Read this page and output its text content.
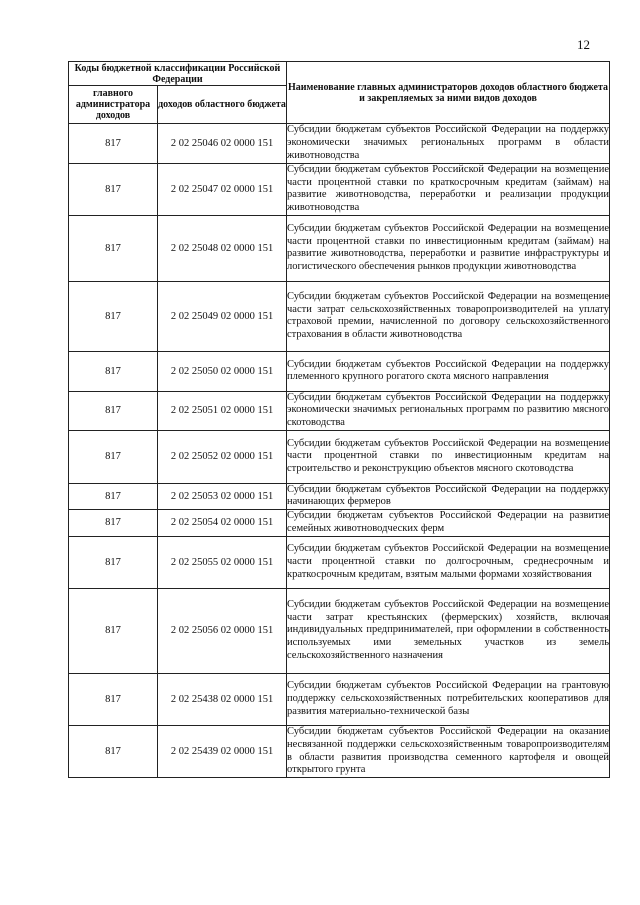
12
Коды бюджетной классификации Российской Федерации		Наименование главных администраторов доходов областного бюджета и закрепляемых за ними видов доходов
главного администратора доходов	доходов областного бюджета	
817	2 02 25046 02 0000 151	Субсидии бюджетам субъектов Российской Федерации на поддержку экономически значимых региональных программ в области животноводства
817	2 02 25047 02 0000 151	Субсидии бюджетам субъектов Российской Федерации на возмещение части процентной ставки по краткосрочным кредитам (займам) на развитие животноводства, переработки и реализации продукции животноводства
817	2 02 25048 02 0000 151	Субсидии бюджетам субъектов Российской Федерации на возмещение части процентной ставки по инвестиционным кредитам (займам) на развитие животноводства, переработки и развитие инфраструктуры и логистического обеспечения рынков продукции животноводства
817	2 02 25049 02 0000 151	Субсидии бюджетам субъектов Российской Федерации на возмещение части затрат сельскохозяйственных товаропроизводителей на уплату страховой премии, начисленной по договору сельскохозяйственного страхования в области животноводства
817	2 02 25050 02 0000 151	Субсидии бюджетам субъектов Российской Федерации на поддержку племенного крупного рогатого скота мясного направления
817	2 02 25051 02 0000 151	Субсидии бюджетам субъектов Российской Федерации на поддержку экономически значимых региональных программ по развитию мясного скотоводства
817	2 02 25052 02 0000 151	Субсидии бюджетам субъектов Российской Федерации на возмещение части процентной ставки по инвестиционным кредитам на строительство и реконструкцию объектов мясного скотоводства
817	2 02 25053 02 0000 151	Субсидии бюджетам субъектов Российской Федерации на поддержку начинающих фермеров
817	2 02 25054 02 0000 151	Субсидии бюджетам субъектов Российской Федерации на развитие семейных животноводческих ферм
817	2 02 25055 02 0000 151	Субсидии бюджетам субъектов Российской Федерации на возмещение части процентной ставки по долгосрочным, среднесрочным и краткосрочным кредитам, взятым малыми формами хозяйствования
817	2 02 25056 02 0000 151	Субсидии бюджетам субъектов Российской Федерации на возмещение части затрат крестьянских (фермерских) хозяйств, включая индивидуальных предпринимателей, при оформлении в собственность используемых ими земельных участков из земель сельскохозяйственного назначения
817	2 02 25438 02 0000 151	Субсидии бюджетам субъектов Российской Федерации на грантовую поддержку сельскохозяйственных потребительских кооперативов для развития материально-технической базы
817	2 02 25439 02 0000 151	Субсидии бюджетам субъектов Российской Федерации на оказание несвязанной поддержки сельскохозяйственным товаропроизводителям в области развития производства семенного картофеля и овощей открытого грунта
